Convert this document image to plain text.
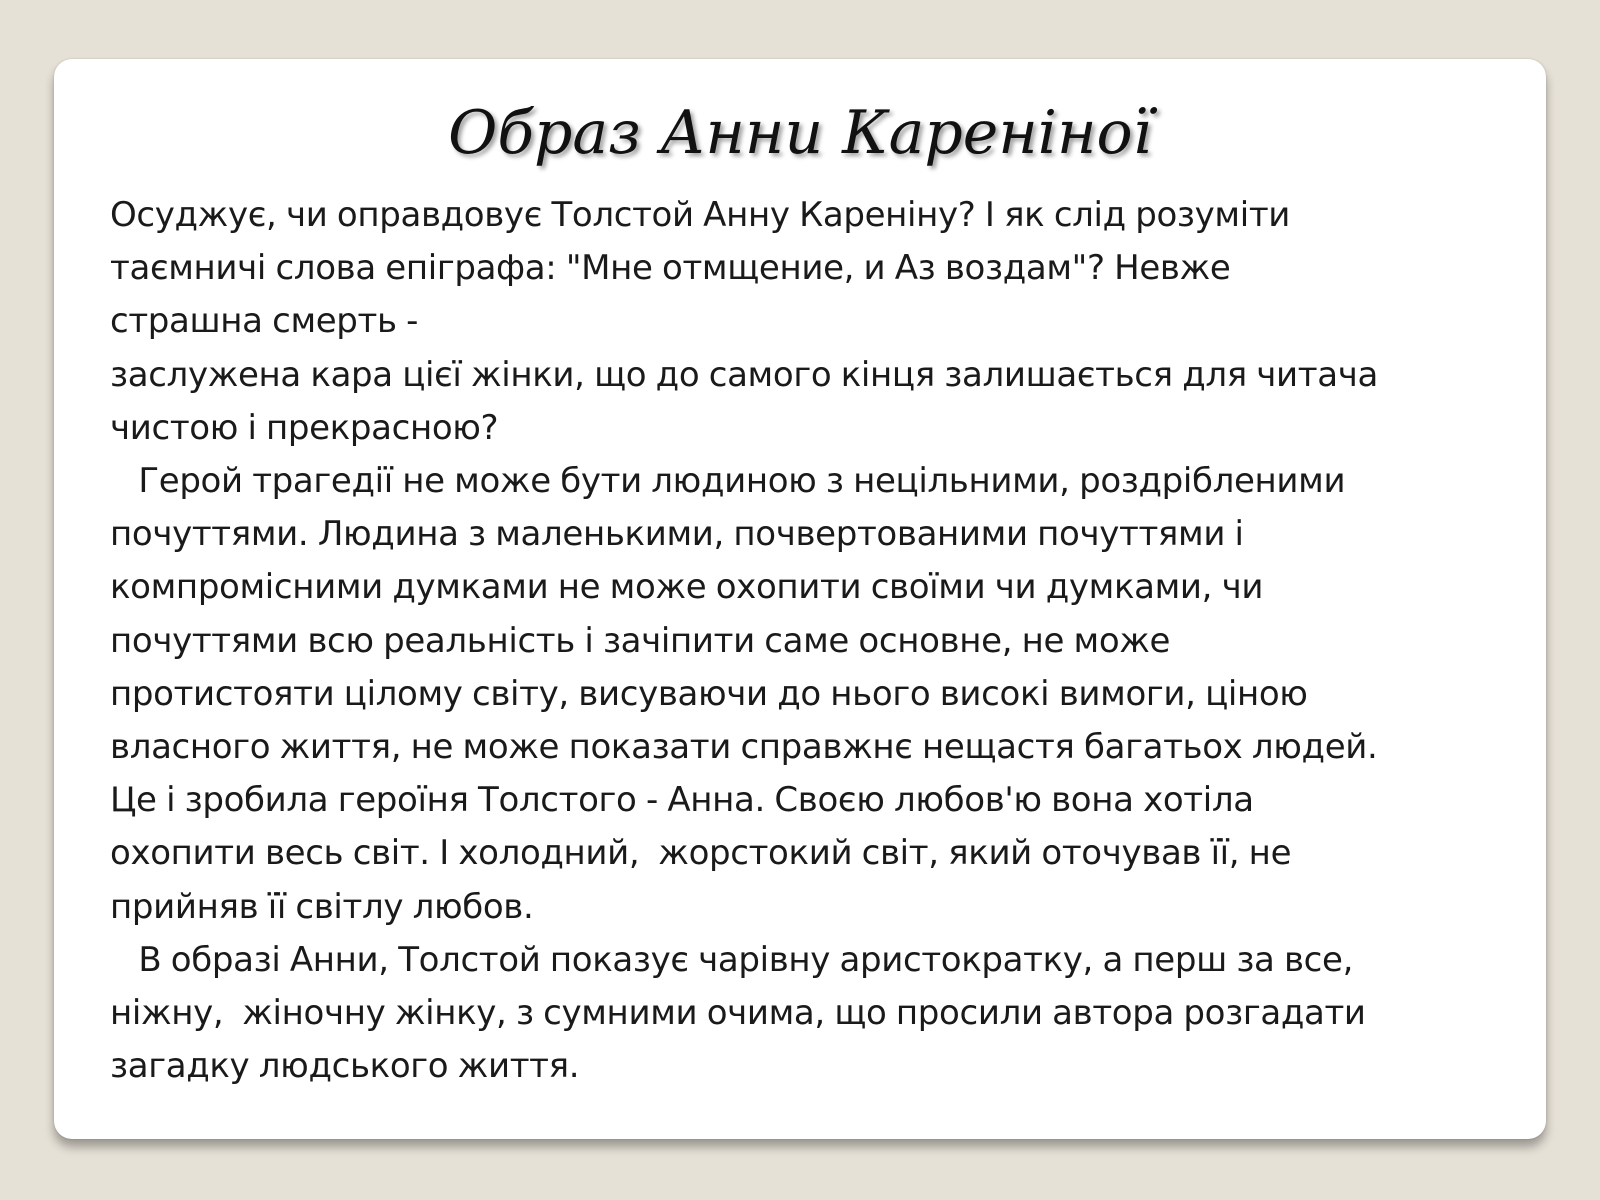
Образ Анни Кареніної
Осуджує, чи оправдовує Толстой Анну Кареніну? І як слід розуміти
таємничі слова епіграфа: "Мне отмщение, и Аз воздам"? Невже
страшна смерть -
заслужена кара цієї жінки, що до самого кінця залишається для читача
чистою і прекрасною?
Герой трагедії не може бути людиною з нецільними, роздрібленими
почуттями. Людина з маленькими, почвертованими почуттями і
компромісними думками не може охопити своїми чи думками, чи
почуттями всю реальність і зачіпити саме основне, не може
протистояти цілому світу, висуваючи до нього високі вимоги, ціною
власного життя, не може показати справжнє нещастя багатьох людей.
Це і зробила героїня Толстого - Анна. Своєю любов'ю вона хотіла
охопити весь світ. І холодний,  жорстокий світ, який оточував її, не
прийняв її світлу любов.
В образі Анни, Толстой показує чарівну аристократку, а перш за все,
ніжну,  жіночну жінку, з сумними очима, що просили автора розгадати
загадку людського життя.
